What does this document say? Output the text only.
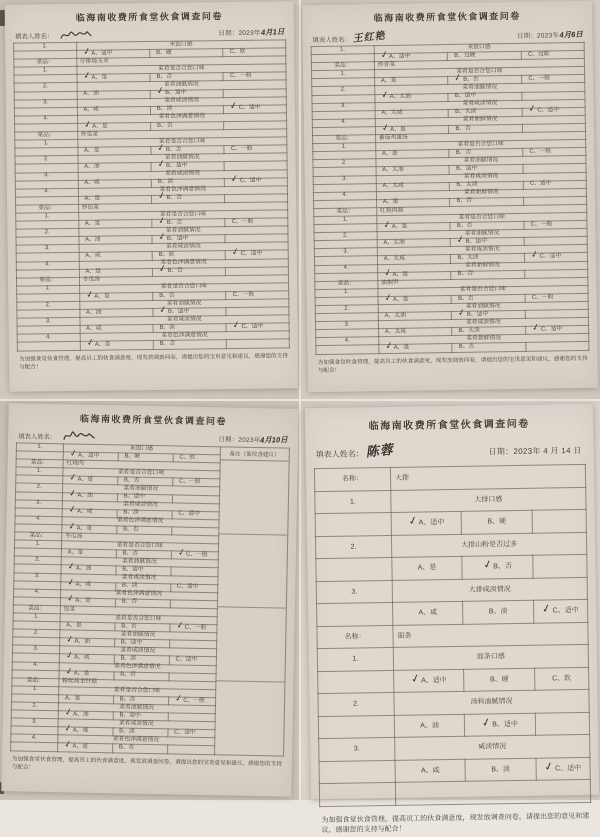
临海南收费所食堂伙食调查问卷
填表人姓名：	日期：2023年4月1日
1.	米饭口感		
	✓A、适中	B、硬	C、软
菜品：	仔排烧玉米		
1.	菜肴是否合您口味		
	✓A、是	B、否	C、一般
2.	菜肴油腻情况		
	A、油	✓B、适中	
3.	菜肴咸淡情况		
	A、咸	B、淡	✓C、适中
4.	菜肴色泽满意情况		
	✓A、是	B、否	
菜品：	炒苋菜		
1.	菜肴是否合您口味		
	A、是	✓B、否	C、一般
2.	菜肴油腻情况		
	A、油	✓B、适中	
3.	菜肴咸淡情况		
	A、咸	B、淡	✓C、适中
4.	菜肴色泽满意情况		
	A、是	✓B、否	
菜品：	炒包菜		
1.	菜肴是否合您口味		
	A、是	✓B、否	C、一般
2.	菜肴油腻情况		
	A、油	✓B、适中	
3.	菜肴咸淡情况		
	A、咸	B、淡	✓C、适中
4.	菜肴色泽满意情况		
	A、是	✓B、否	
菜品：	冬瓜汤		
1.	菜肴是否合您口味		
	✓A、是	B、否	C、一般
2.	菜肴油腻情况		
	A、油	✓B、适中	
3.	菜肴咸淡情况		
	A、咸	B、淡	✓C、适中
4.	菜肴色泽满意情况		
	✓A、是	B、否	
为加强食堂伙食管理，提高员工的伙食满意度，现发放调查问卷，请提出您的宝贵意见和建议，感谢您的支持与配合！
临海南收费所食堂伙食调查问卷
填表人姓名： 王红艳	日期：2023年4月6日
1.	米饭口感		
	✓A、适中	B、过硬	C、过软
菜品：	炒青菜		
1.	菜肴是否合您口味		
	A、是	✓B、否	C、一般
2.	菜肴油腻情况		
	✓A、太油	B、适中	
3.	菜肴咸淡情况		
	A、太咸	B、太淡	✓C、适中
4.	菜肴新鲜情况		
	✓A、是	B、否	
菜品：	番茄鸡蛋汤		
1.	菜肴是否合您口味		
	A、是	B、否	C、一般
2.	菜肴油腻情况		
	A、太油	B、适中	
3.	菜肴咸淡情况		
	A、太咸	B、太淡	C、适中
4.	菜肴新鲜情况		
	A、是	B、否	
菜品：	红烧肉圆		
1.	菜肴是否合您口味		
	✓A、是	B、否	C、一般
2.	菜肴油腻情况		
	A、太油	✓B、适中	
3.	菜肴咸淡情况		
	A、太咸	B、太淡	✓C、适中
4.	菜肴新鲜情况		
	✓A、是	B、否	
菜品：	油焖笋		
1.	菜肴是否合您口味		
	✓A、是	B、否	C、一般
2.	菜肴油腻情况		
	A、太油	✓B、适中	
3.	菜肴咸淡情况		
	A、太咸	B、太淡	✓C、适中
4.	菜肴新鲜情况		
	✓A、是	B、否	
为加强食堂伙食管理，提高员工的伙食满意度，现发放调查问卷，请提出您的宝贵意见和建议，感谢您的支持与配合！
临海南收费所食堂伙食调查问卷
填表人姓名：	日期：2023年4月10日
1.	米饭口感		
	✓A、适中	B、硬	C、软
菜品：	红烧肉		
1.	菜肴是否合您口味		
	✓A、是	B、否	C、一般
2.	菜肴油腻情况		
	✓A、油	B、适中	
3.	菜肴咸淡情况		
	✓A、咸	B、淡	C、适中
4.	菜肴色泽满意情况		
	✓A、是	B、否	
菜品：	冬瓜汤		
1.	菜肴是否合您口味		
	A、是	B、否	✓C、一般
2.	菜肴油腻情况		
	✓A、油	B、适中	
3.	菜肴咸淡情况		
	✓A、咸	B、淡	C、适中
4.	菜肴色泽满意情况		
	✓A、是	B、否	
菜品：	包菜		
1.	菜肴是否合您口味		
	A、是	B、否	✓C、一般
2.	菜肴油腻情况		
	✓A、油	B、适中	
3.	菜肴咸淡情况		
	✓A、咸	B、淡	C、适中
4.	菜肴色泽满意情况		
	✓A、是	B、否	
菜品：	粉丝炖金针菇		
1.	菜肴是否合您口味		
	A、是	B、否	✓C、一般
2.	菜肴油腻情况		
	✓A、油	B、适中	
3.	菜肴咸淡情况		
	✓A、咸	B、淡	C、适中
4.	菜肴色泽满意情况		
	✓A、是	B、否	
备注（需改善建议）
为加强食堂伙食管理，提高员工的伙食满意度，现发放调查问卷，请提出您的宝贵意见和建议，感谢您的支持与配合！
临海南收费所食堂伙食调查问卷
填表人姓名： 陈蓉	日期：2023年 4 月 14 日
名称：	大排		
1.	大排口感		
	✓A、适中	B、硬	
2.	大排山粉是否过多		
	A、是	✓B、否	
3.	大排咸淡情况		
	A、咸	B、淡	✓C、适中
名称：	面条		
1.	面条口感		
	✓A、适中	B、硬	C、软
2.	汤料油腻情况		
	A、油	✓B、适中	
3.	咸淡情况		
	A、咸	B、淡	✓C、适中

为加强食堂伙食管理，提高员工的伙食满意度，现发放调查问卷，请提出您的意见和建议，感谢您的支持与配合！
